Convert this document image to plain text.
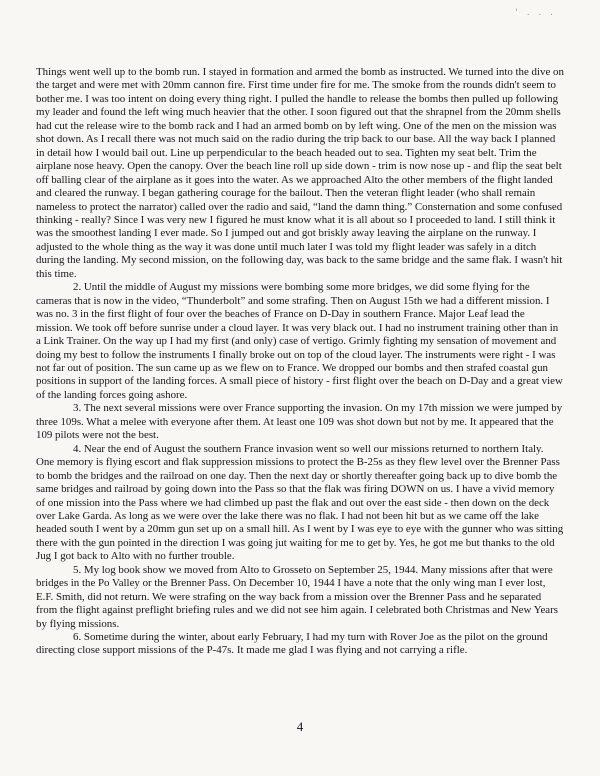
' . . .

Things went well up to the bomb run. I stayed in formation and armed the bomb as instructed. We turned into the dive on the target and were met with 20mm cannon fire. First time under fire for me. The smoke from the rounds didn't seem to bother me. I was too intent on doing every thing right. I pulled the handle to release the bombs then pulled up following my leader and found the left wing much heavier that the other. I soon figured out that the shrapnel from the 20mm shells had cut the release wire to the bomb rack and I had an armed bomb on by left wing. One of the men on the mission was shot down. As I recall there was not much said on the radio during the trip back to our base. All the way back I planned in detail how I would bail out. Line up perpendicular to the beach headed out to sea. Tighten my seat belt. Trim the airplane nose heavy. Open the canopy. Over the beach line roll up side down - trim is now nose up - and flip the seat belt off balling clear of the airplane as it goes into the water. As we approached Alto the other members of the flight landed and cleared the runway. I began gathering courage for the bailout. Then the veteran flight leader (who shall remain nameless to protect the narrator) called over the radio and said, “land the damn thing.” Consternation and some confused thinking - really? Since I was very new I figured he must know what it is all about so I proceeded to land. I still think it was the smoothest landing I ever made. So I jumped out and got briskly away leaving the airplane on the runway. I adjusted to the whole thing as the way it was done until much later I was told my flight leader was safely in a ditch during the landing. My second mission, on the following day, was back to the same bridge and the same flak. I wasn't hit this time.

2. Until the middle of August my missions were bombing some more bridges, we did some flying for the cameras that is now in the video, “Thunderbolt” and some strafing. Then on August 15th we had a different mission. I was no. 3 in the first flight of four over the beaches of France on D-Day in southern France. Major Leaf lead the mission. We took off before sunrise under a cloud layer. It was very black out. I had no instrument training other than in a Link Trainer. On the way up I had my first (and only) case of vertigo. Grimly fighting my sensation of movement and doing my best to follow the instruments I finally broke out on top of the cloud layer. The instruments were right - I was not far out of position. The sun came up as we flew on to France. We dropped our bombs and then strafed coastal gun positions in support of the landing forces. A small piece of history - first flight over the beach on D-Day and a great view of the landing forces going ashore.

3. The next several missions were over France supporting the invasion. On my 17th mission we were jumped by three 109s. What a melee with everyone after them. At least one 109 was shot down but not by me. It appeared that the 109 pilots were not the best.

4. Near the end of August the southern France invasion went so well our missions returned to northern Italy. One memory is flying escort and flak suppression missions to protect the B-25s as they flew level over the Brenner Pass to bomb the bridges and the railroad on one day. Then the next day or shortly thereafter going back up to dive bomb the same bridges and railroad by going down into the Pass so that the flak was firing DOWN on us. I have a vivid memory of one mission into the Pass where we had climbed up past the flak and out over the east side - then down on the deck over Lake Garda. As long as we were over the lake there was no flak. I had not been hit but as we came off the lake headed south I went by a 20mm gun set up on a small hill. As I went by I was eye to eye with the gunner who was sitting there with the gun pointed in the direction I was going jut waiting for me to get by. Yes, he got me but thanks to the old Jug I got back to Alto with no further trouble.

5. My log book show we moved from Alto to Grosseto on September 25, 1944. Many missions after that were bridges in the Po Valley or the Brenner Pass. On December 10, 1944 I have a note that the only wing man I ever lost, E.F. Smith, did not return. We were strafing on the way back from a mission over the Brenner Pass and he separated from the flight against preflight briefing rules and we did not see him again. I celebrated both Christmas and New Years by flying missions.

6. Sometime during the winter, about early February, I had my turn with Rover Joe as the pilot on the ground directing close support missions of the P-47s. It made me glad I was flying and not carrying a rifle.

4
